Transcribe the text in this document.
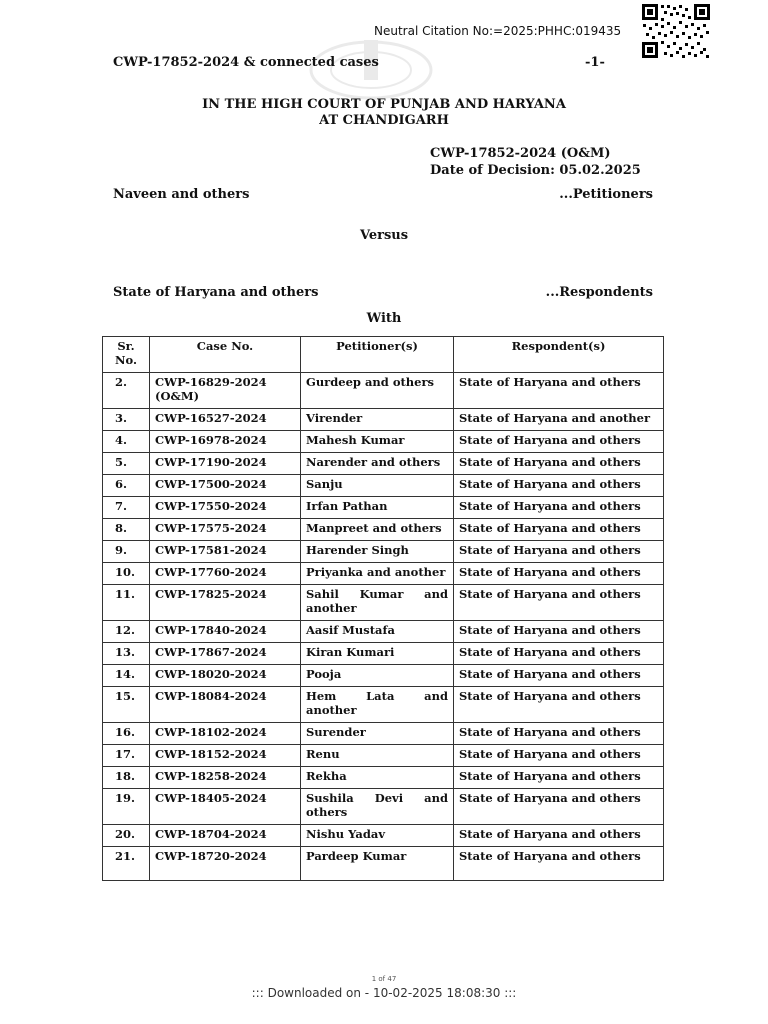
Neutral Citation No:=2025:PHHC:019435
CWP-17852-2024 & connected cases	-1-
IN THE HIGH COURT OF PUNJAB AND HARYANA
AT CHANDIGARH
CWP-17852-2024 (O&M)
Date of Decision: 05.02.2025
Naveen and others	...Petitioners
Versus
State of Haryana and others	...Respondents
With
Sr. No.	Case No.	Petitioner(s)	Respondent(s)
2.	CWP-16829-2024 (O&M)	Gurdeep and others	State of Haryana and others
3.	CWP-16527-2024	Virender	State of Haryana and another
4.	CWP-16978-2024	Mahesh Kumar	State of Haryana and others
5.	CWP-17190-2024	Narender and others	State of Haryana and others
6.	CWP-17500-2024	Sanju	State of Haryana and others
7.	CWP-17550-2024	Irfan Pathan	State of Haryana and others
8.	CWP-17575-2024	Manpreet and others	State of Haryana and others
9.	CWP-17581-2024	Harender Singh	State of Haryana and others
10.	CWP-17760-2024	Priyanka and another	State of Haryana and others
11.	CWP-17825-2024	Sahil Kumar and another	State of Haryana and others
12.	CWP-17840-2024	Aasif Mustafa	State of Haryana and others
13.	CWP-17867-2024	Kiran Kumari	State of Haryana and others
14.	CWP-18020-2024	Pooja	State of Haryana and others
15.	CWP-18084-2024	Hem Lata and another	State of Haryana and others
16.	CWP-18102-2024	Surender	State of Haryana and others
17.	CWP-18152-2024	Renu	State of Haryana and others
18.	CWP-18258-2024	Rekha	State of Haryana and others
19.	CWP-18405-2024	Sushila Devi and others	State of Haryana and others
20.	CWP-18704-2024	Nishu Yadav	State of Haryana and others
21.	CWP-18720-2024	Pardeep Kumar	State of Haryana and others
1 of 47
::: Downloaded on - 10-02-2025 18:08:30 :::
